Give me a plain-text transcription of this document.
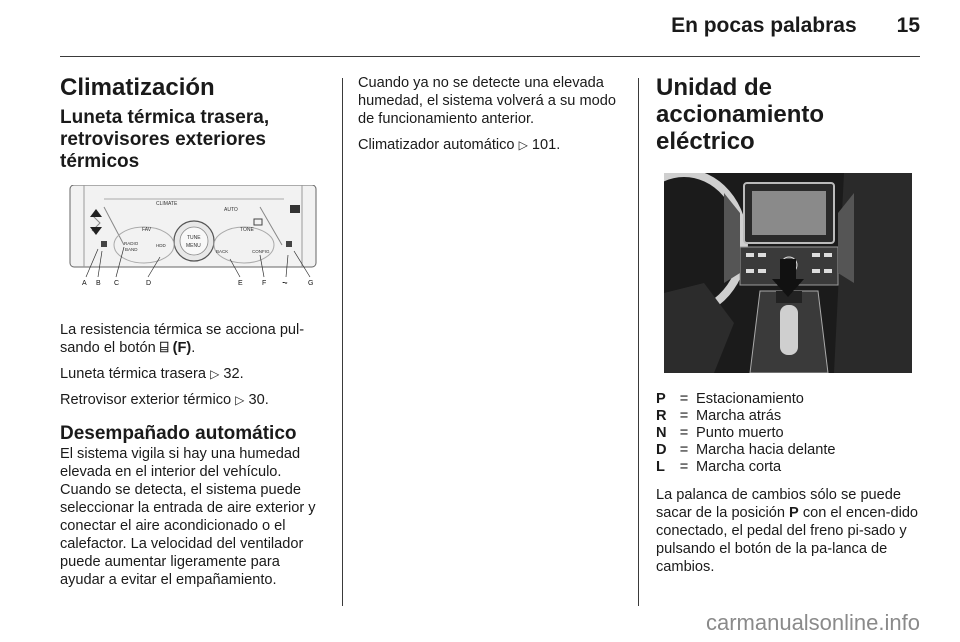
En pocas palabras 15
Climatización
Luneta térmica trasera, retrovisores exteriores térmicos
CLIMATE
TUNE
MENU
AUTO
TONE
FAV
RADIO
BAND
HDD
BACK	CONFIG
A B C	D	E	F	G
⏦

La resistencia térmica se acciona pul-sando el botón ⌸ (F).

Luneta térmica trasera ▷ 32.

Retrovisor exterior térmico ▷ 30.

Desempañado automático

El sistema vigila si hay una humedad elevada en el interior del vehículo. Cuando se detecta, el sistema puede seleccionar la entrada de aire exterior y conectar el aire acondicionado o el calefactor. La velocidad del ventilador puede aumentar ligeramente para ayudar a evitar el empañamiento.

Cuando ya no se detecte una elevada humedad, el sistema volverá a su modo de funcionamiento anterior.

Climatizador automático ▷ 101.

Unidad de accionamiento eléctrico
P = Estacionamiento
R = Marcha atrás
N = Punto muerto
D = Marcha hacia delante
L = Marcha corta

La palanca de cambios sólo se puede sacar de la posición P con el encen-dido conectado, el pedal del freno pi-sado y pulsando el botón de la pa-lanca de cambios.

carmanualsonline.info
